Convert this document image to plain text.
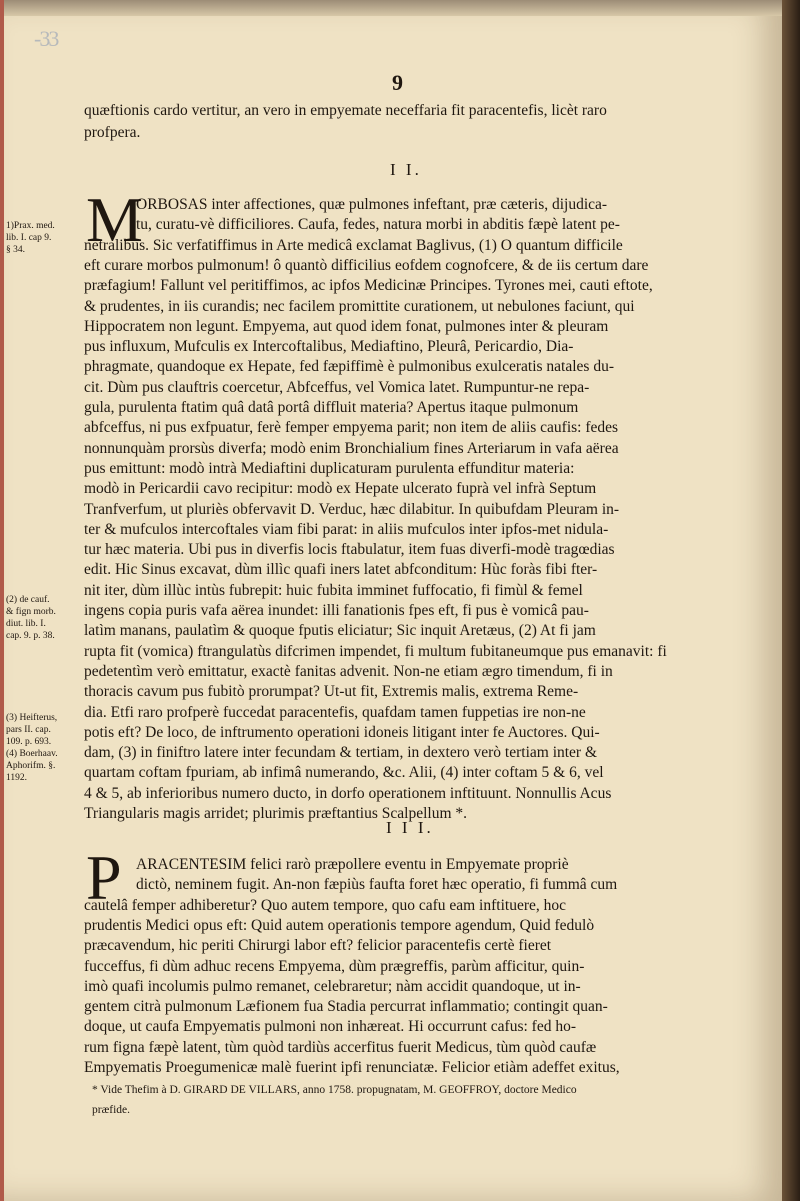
-33
9
quæftionis cardo vertitur, an vero in empyemate neceffaria fit paracentefis, licèt raro
profpera.
I I.
M
ORBOSAS inter affectiones, quæ pulmones infeftant, præ cæteris, dijudica-
tu, curatu-vè difficiliores. Caufa, fedes, natura morbi in abditis fæpè latent pe-
netralibus. Sic verfatiffimus in Arte medicâ exclamat Baglivus, (1) O quantum difficile
eft curare morbos pulmonum! ô quantò difficilius eofdem cognofcere, & de iis certum dare
præfagium! Fallunt vel peritiffimos, ac ipfos Medicinæ Principes. Tyrones mei, cauti eftote,
& prudentes, in iis curandis; nec facilem promittite curationem, ut nebulones faciunt, qui
Hippocratem non legunt. Empyema, aut quod idem fonat, pulmones inter & pleuram
pus influxum, Mufculis ex Intercoftalibus, Mediaftino, Pleurâ, Pericardio, Dia-
phragmate, quandoque ex Hepate, fed fæpiffimè è pulmonibus exulceratis natales du-
cit. Dùm pus clauftris coercetur, Abfceffus, vel Vomica latet. Rumpuntur-ne repa-
gula, purulenta ftatim quâ datâ portâ diffluit materia? Apertus itaque pulmonum
abfceffus, ni pus exfpuatur, ferè femper empyema parit; non item de aliis caufis: fedes
nonnunquàm prorsùs diverfa; modò enim Bronchialium fines Arteriarum in vafa aërea
pus emittunt: modò intrà Mediaftini duplicaturam purulenta effunditur materia:
modò in Pericardii cavo recipitur: modò ex Hepate ulcerato fuprà vel infrà Septum
Tranfverfum, ut pluriès obfervavit D. Verduc, hæc dilabitur. In quibufdam Pleuram in-
ter & mufculos intercoftales viam fibi parat: in aliis mufculos inter ipfos-met nidula-
tur hæc materia. Ubi pus in diverfis locis ftabulatur, item fuas diverfi-modè tragœdias
edit. Hic Sinus excavat, dùm illìc quafi iners latet abfconditum: Hùc foràs fibi fter-
nit iter, dùm illùc intùs fubrepit: huic fubita imminet fuffocatio, fi fimùl & femel
ingens copia puris vafa aërea inundet: illi fanationis fpes eft, fi pus è vomicâ pau-
latìm manans, paulatìm & quoque fputis eliciatur; Sic inquit Aretæus, (2) At fi jam
rupta fit (vomica) ftrangulatùs difcrimen impendet, fi multum fubitaneumque pus emanavit: fi
pedetentìm verò emittatur, exactè fanitas advenit. Non-ne etiam ægro timendum, fi in
thoracis cavum pus fubitò prorumpat? Ut-ut fit, Extremis malis, extrema Reme-
dia. Etfi raro profperè fuccedat paracentefis, quafdam tamen fuppetias ire non-ne
potis eft? De loco, de inftrumento operationi idoneis litigant inter fe Auctores. Qui-
dam, (3) in finiftro latere inter fecundam & tertiam, in dextero verò tertiam inter &
quartam coftam fpuriam, ab infimâ numerando, &c. Alii, (4) inter coftam 5 & 6, vel
4 & 5, ab inferioribus numero ducto, in dorfo operationem inftituunt. Nonnullis Acus
Triangularis magis arridet; plurimis præftantius Scalpellum *.
1)Prax. med.
lib. I. cap 9.
§ 34.
(2) de cauf.
& fign morb.
diut. lib. I.
cap. 9. p. 38.
(3) Heifterus,
pars II. cap.
109. p. 693.
(4) Boerhaav.
Aphorifm. §.
1192.
I I I.
P ARACENTESIM felici rarò præpollere eventu in Empyemate propriè
dictò, neminem fugit. An-non fæpiùs faufta foret hæc operatio, fi fummâ cum
cautelâ femper adhiberetur? Quo autem tempore, quo cafu eam inftituere, hoc
prudentis Medici opus eft: Quid autem operationis tempore agendum, Quid fedulò
præcavendum, hic periti Chirurgi labor eft? felicior paracentefis certè fieret
fucceffus, fi dùm adhuc recens Empyema, dùm prægreffis, parùm afficitur, quin-
imò quafi incolumis pulmo remanet, celebraretur; nàm accidit quandoque, ut in-
gentem citrà pulmonum Læfionem fua Stadia percurrat inflammatio; contingit quan-
doque, ut caufa Empyematis pulmoni non inhæreat. Hi occurrunt cafus: fed ho-
rum figna fæpè latent, tùm quòd tardiùs accerfitus fuerit Medicus, tùm quòd caufæ
Empyematis Proegumenicæ malè fuerint ipfi renunciatæ. Felicior etiàm adeffet exitus,
* Vide Thefim à D. GIRARD DE VILLARS, anno 1758. propugnatam, M. GEOFFROY, doctore Medico
præfide.
